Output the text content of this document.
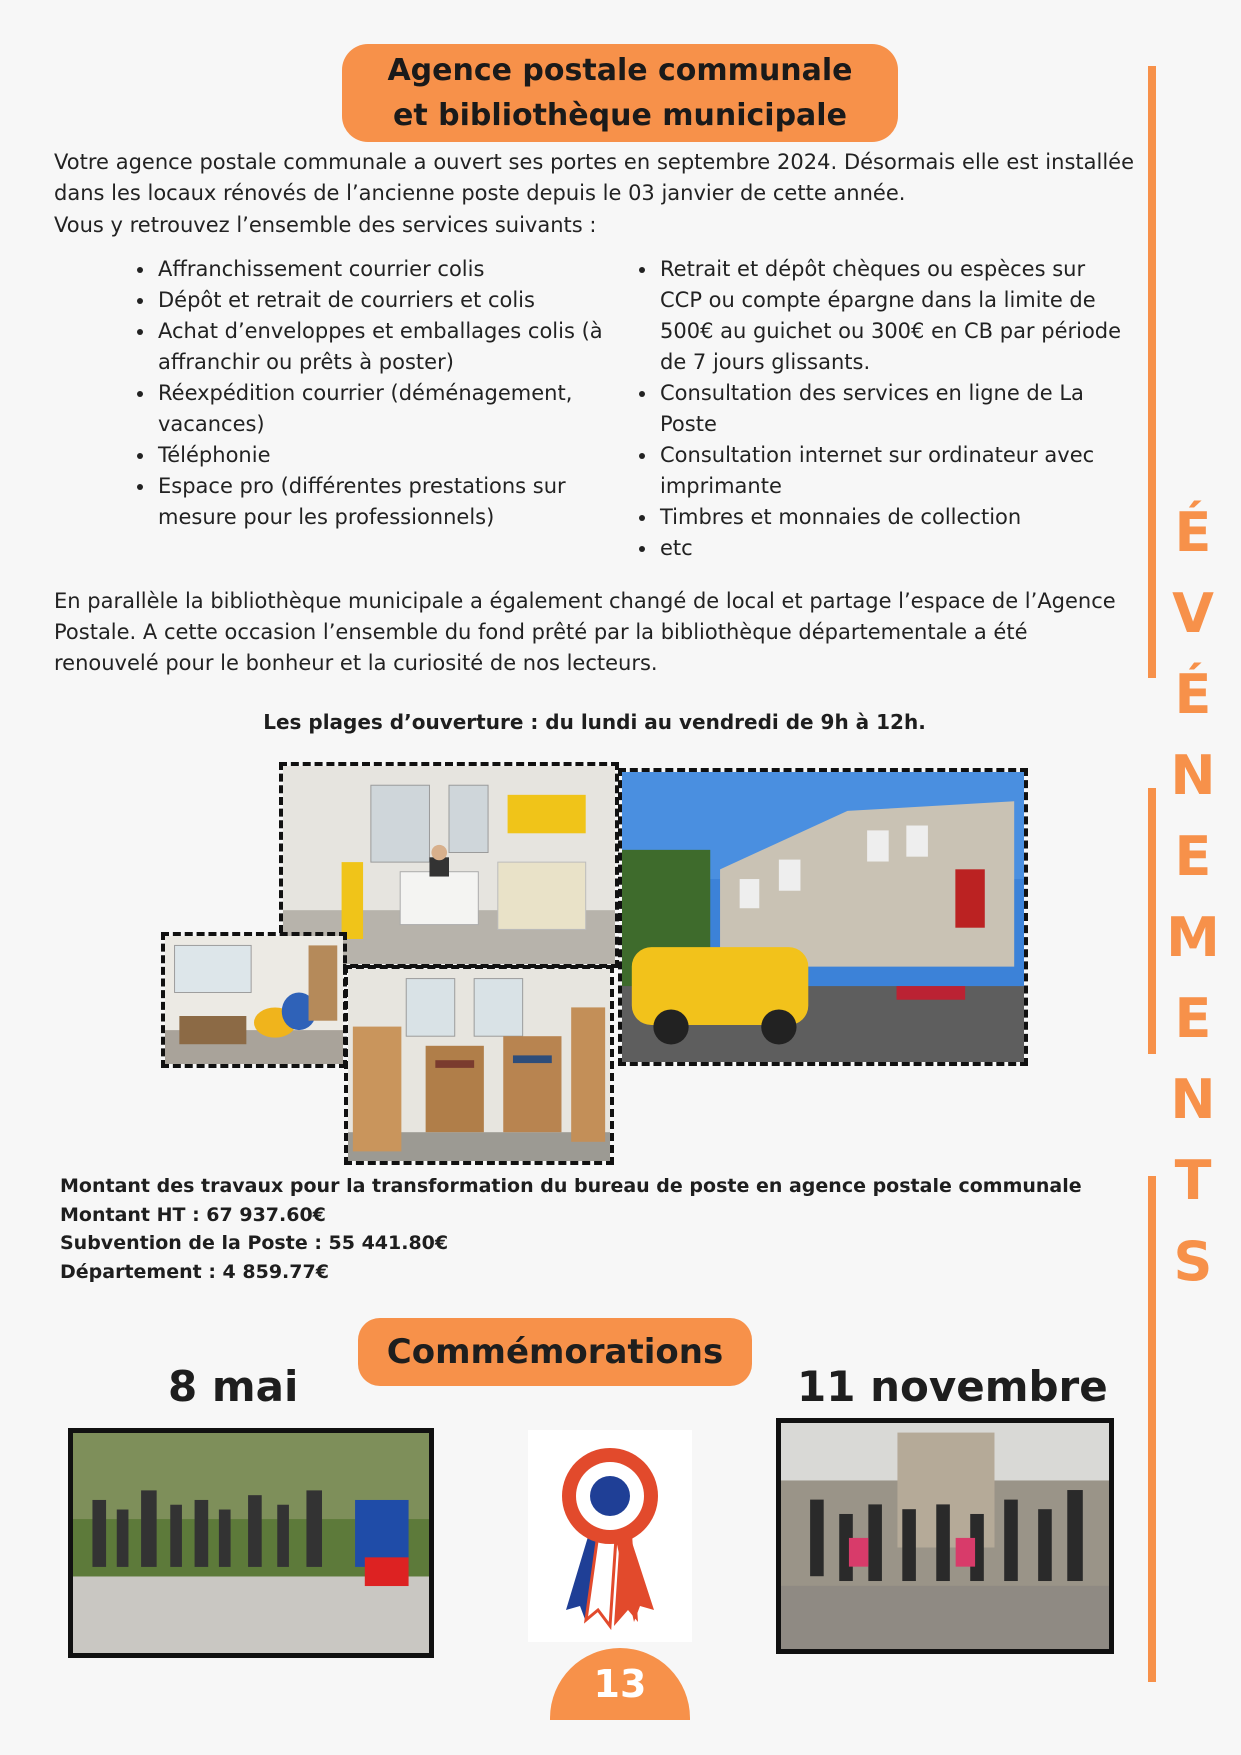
Agence postale communale
et bibliothèque municipale
Votre agence postale communale a ouvert ses portes en septembre 2024. Désormais elle est installée dans les locaux rénovés de l’ancienne poste depuis le 03 janvier de cette année.
Vous y retrouvez l’ensemble des services suivants :
• Affranchissement courrier colis
• Dépôt et retrait de courriers et colis
• Achat d’enveloppes et emballages colis (à affranchir ou prêts à poster)
• Réexpédition courrier (déménagement, vacances)
• Téléphonie
• Espace pro (différentes prestations sur mesure pour les professionnels)
• Retrait et dépôt chèques ou espèces sur CCP ou compte épargne dans la limite de 500€ au guichet ou 300€ en CB par période de 7 jours glissants.
• Consultation des services en ligne de La Poste
• Consultation internet sur ordinateur avec imprimante
• Timbres et monnaies de collection
• etc
En parallèle la bibliothèque municipale a également changé de local et partage l’espace de l’Agence Postale. A cette occasion l’ensemble du fond prêté par la bibliothèque départementale a été renouvelé pour le bonheur et la curiosité de nos lecteurs.
Les plages d’ouverture : du lundi au vendredi de 9h à 12h.
Montant des travaux pour la transformation du bureau de poste en agence postale communale
Montant HT : 67 937.60€
Subvention de la Poste : 55 441.80€
Département : 4 859.77€
Commémorations
8 mai	11 novembre
13
É
V
É
N
E
M
E
N
T
S
